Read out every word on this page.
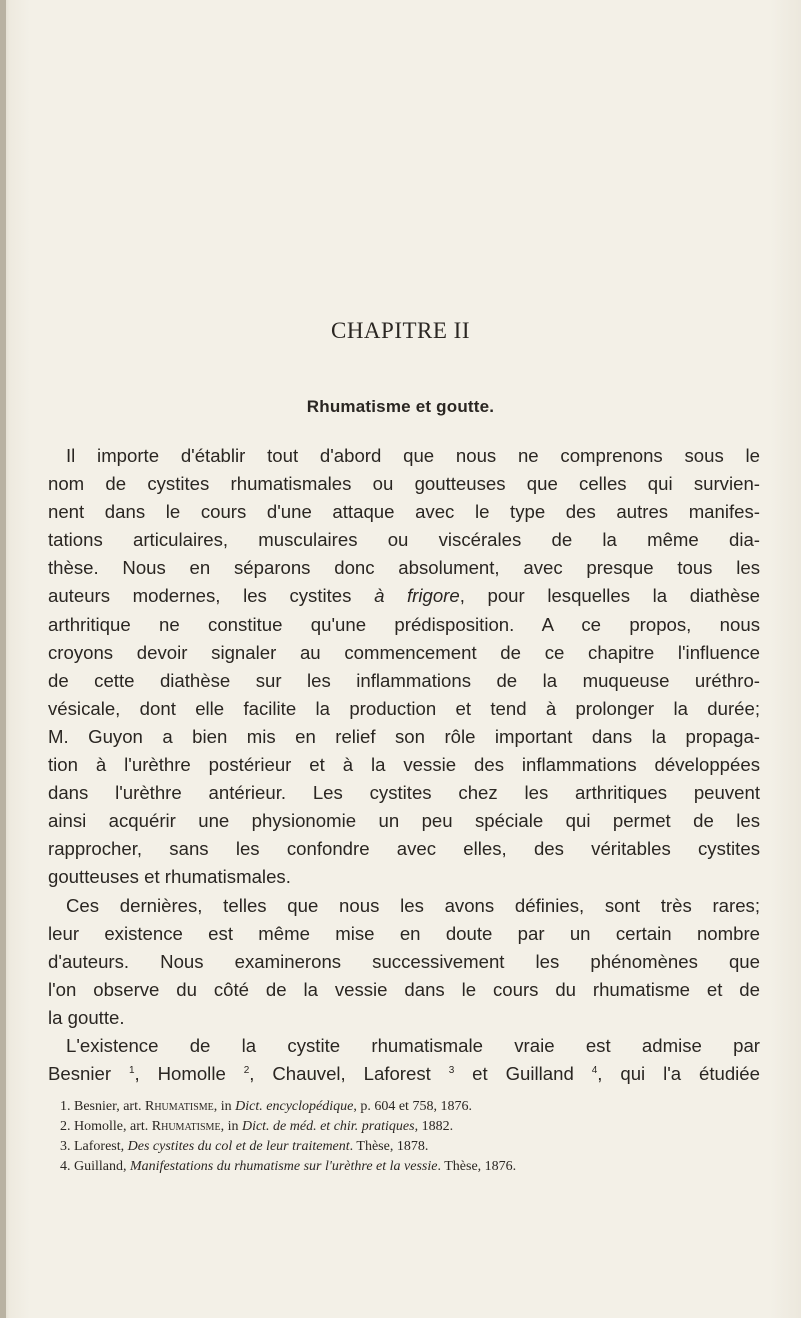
CHAPITRE II
Rhumatisme et goutte.
Il importe d'établir tout d'abord que nous ne comprenons sous le
nom de cystites rhumatismales ou goutteuses que celles qui survien-
nent dans le cours d'une attaque avec le type des autres manifes-
tations articulaires, musculaires ou viscérales de la même dia-
thèse. Nous en séparons donc absolument, avec presque tous les
auteurs modernes, les cystites à frigore, pour lesquelles la diathèse
arthritique ne constitue qu'une prédisposition. A ce propos, nous
croyons devoir signaler au commencement de ce chapitre l'influence
de cette diathèse sur les inflammations de la muqueuse uréthro-
vésicale, dont elle facilite la production et tend à prolonger la durée;
M. Guyon a bien mis en relief son rôle important dans la propaga-
tion à l'urèthre postérieur et à la vessie des inflammations développées
dans l'urèthre antérieur. Les cystites chez les arthritiques peuvent
ainsi acquérir une physionomie un peu spéciale qui permet de les
rapprocher, sans les confondre avec elles, des véritables cystites
goutteuses et rhumatismales.
Ces dernières, telles que nous les avons définies, sont très rares;
leur existence est même mise en doute par un certain nombre
d'auteurs. Nous examinerons successivement les phénomènes que
l'on observe du côté de la vessie dans le cours du rhumatisme et de
la goutte.
L'existence de la cystite rhumatismale vraie est admise par
Besnier $^1$, Homolle $^2$, Chauvel, Laforest $^3$ et Guilland $^4$, qui l'a étudiée
1. Besnier, art. Rhumatisme, in Dict. encyclopédique, p. 604 et 758, 1876.
2. Homolle, art. Rhumatisme, in Dict. de méd. et chir. pratiques, 1882.
3. Laforest, Des cystites du col et de leur traitement. Thèse, 1878.
4. Guilland, Manifestations du rhumatisme sur l'urèthre et la vessie. Thèse, 1876.
